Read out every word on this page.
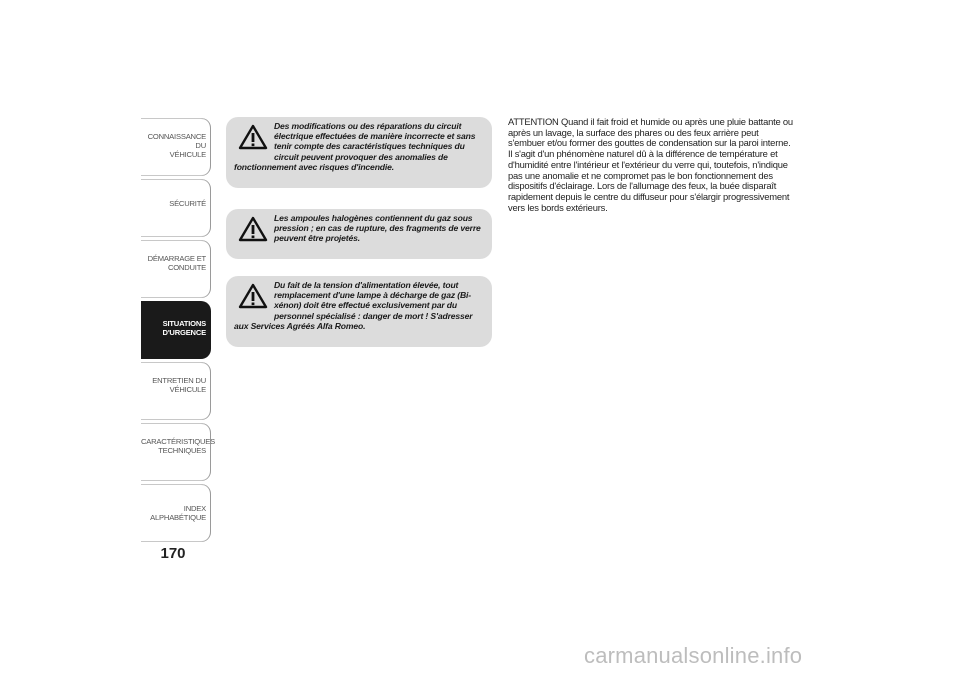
CONNAISSANCE DU
VÉHICULE
SÉCURITÉ
DÉMARRAGE ET
CONDUITE
SITUATIONS
D'URGENCE
ENTRETIEN DU
VÉHICULE
CARACTÉRISTIQUES
TECHNIQUES
INDEX
ALPHABÉTIQUE
170
Des modifications ou des réparations du circuit électrique effectuées de manière incorrecte et sans tenir compte des caractéristiques techniques du circuit peuvent provoquer des anomalies de fonctionnement avec risques d'incendie.
Les ampoules halogènes contiennent du gaz sous pression ; en cas de rupture, des fragments de verre peuvent être projetés.
Du fait de la tension d'alimentation élevée, tout remplacement d'une lampe à décharge de gaz (Bi-xénon) doit être effectué exclusivement par du personnel spécialisé : danger de mort ! S'adresser aux Services Agréés Alfa Romeo.
ATTENTION Quand il fait froid et humide ou après une pluie battante ou après un lavage, la surface des phares ou des feux arrière peut s'embuer et/ou former des gouttes de condensation sur la paroi interne. Il s'agit d'un phénomène naturel dû à la différence de température et d'humidité entre l'intérieur et l'extérieur du verre qui, toutefois, n'indique pas une anomalie et ne compromet pas le bon fonctionnement des dispositifs d'éclairage. Lors de l'allumage des feux, la buée disparaît rapidement depuis le centre du diffuseur pour s'élargir progressivement vers les bords extérieurs.
carmanualsonline.info
